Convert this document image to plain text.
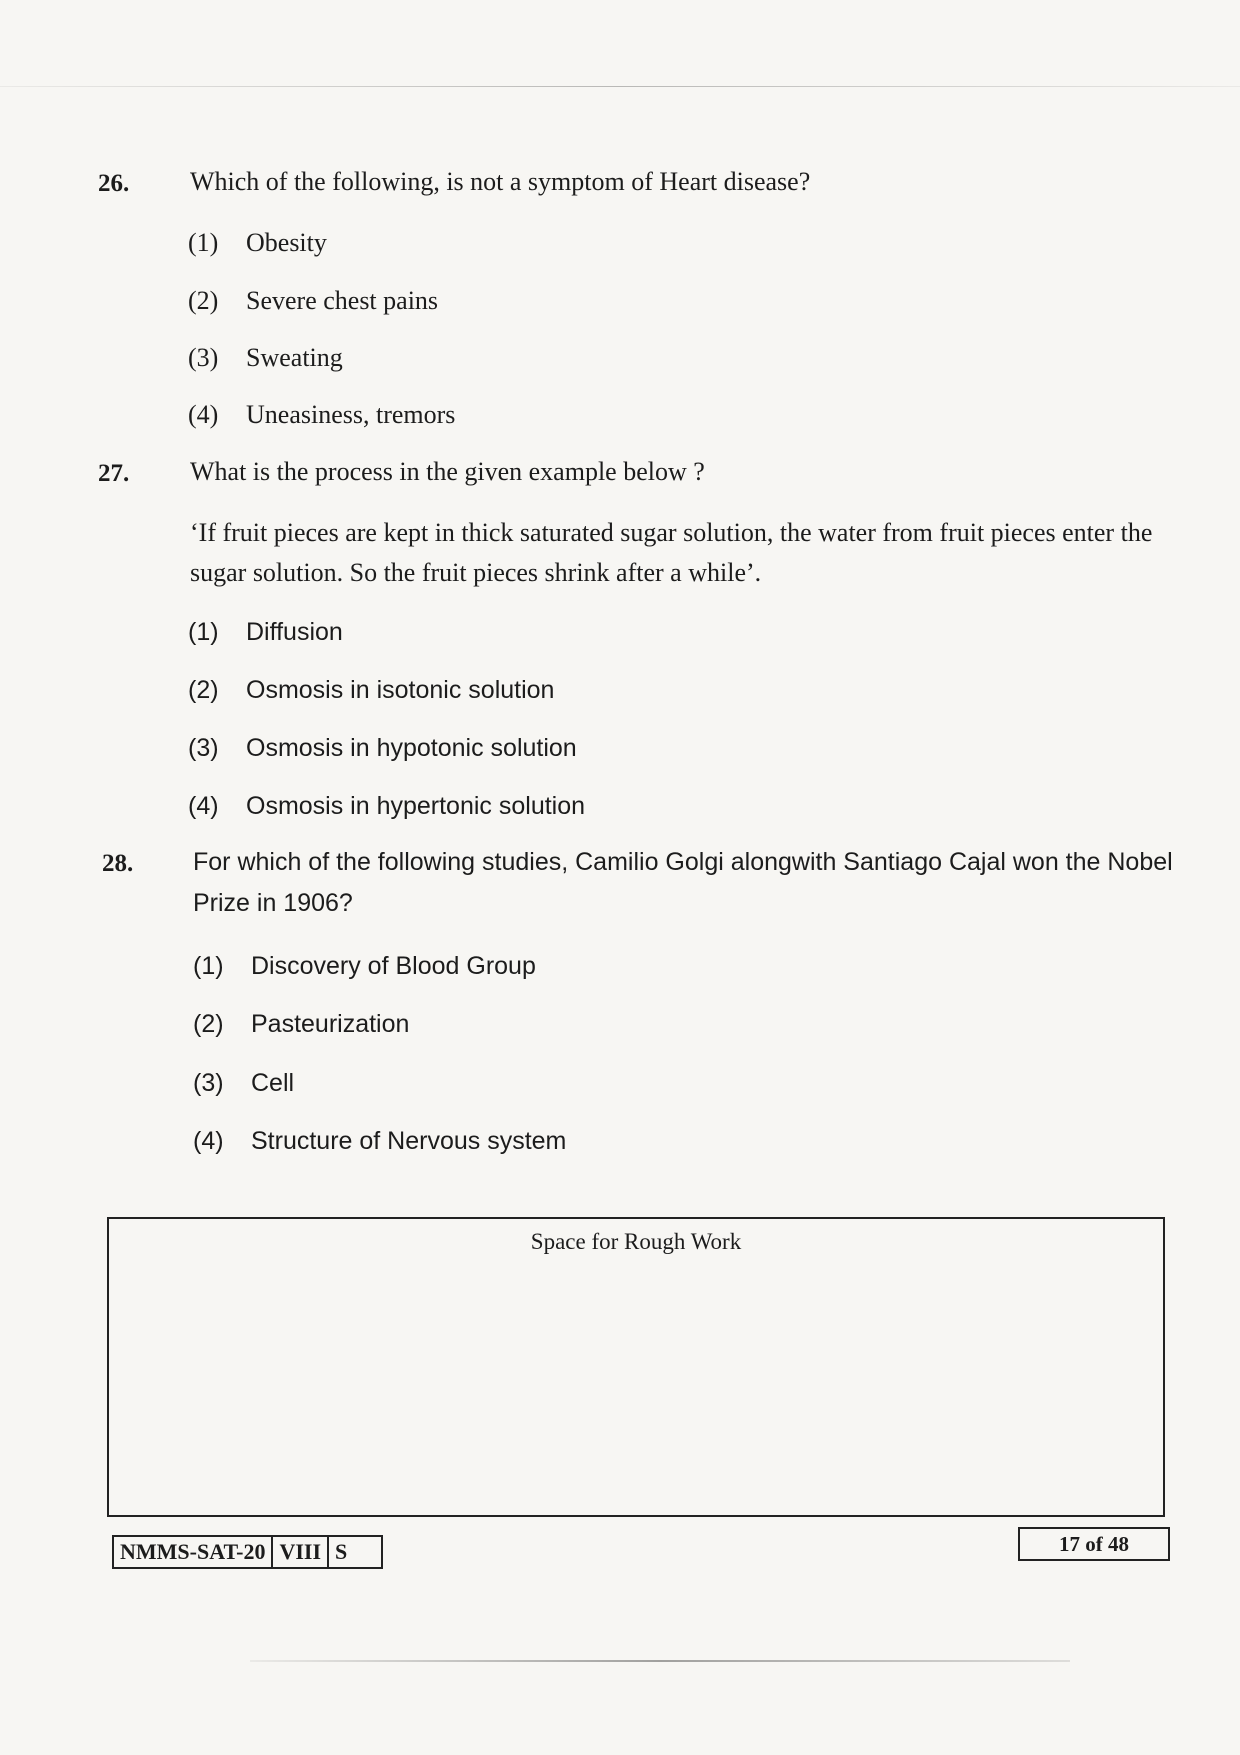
26. Which of the following, is not a symptom of Heart disease?
(1) Obesity
(2) Severe chest pains
(3) Sweating
(4) Uneasiness, tremors
27. What is the process in the given example below ?
‘If fruit pieces are kept in thick saturated sugar solution, the water from fruit pieces enter the sugar solution. So the fruit pieces shrink after a while’.
(1) Diffusion
(2) Osmosis in isotonic solution
(3) Osmosis in hypotonic solution
(4) Osmosis in hypertonic solution
28. For which of the following studies, Camilio Golgi alongwith Santiago Cajal won the Nobel Prize in 1906?
(1) Discovery of Blood Group
(2) Pasteurization
(3) Cell
(4) Structure of Nervous system
Space for Rough Work
NMMS-SAT-20 VIII S	17 of 48
